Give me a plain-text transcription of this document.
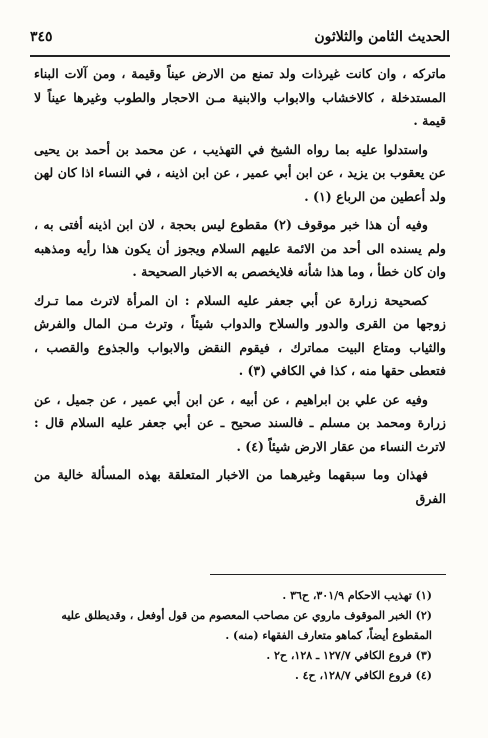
الحديث الثامن والثلاثون
٣٤٥

ماتركه ، وان كانت غيرذات ولد تمنع من الارض عيناً وقيمة ، ومن آلات البناء المستدخلة ، كالاخشاب والابواب والابنية مـن الاحجار والطوب وغيرها عيناً لا قيمة .

واستدلوا عليه بما رواه الشيخ في التهذيب ، عن محمد بن أحمد بن يحيى عن يعقوب بن يزيد ، عن ابن أبي عمير ، عن ابن اذينه ، في النساء اذا كان لهن ولد أعطين من الرباع (١) .

وفيه أن هذا خبر موقوف (٢) مقطوع ليس بحجة ، لان ابن اذينه أفتى به ، ولم يسنده الى أحد من الائمة عليهم السلام ويجوز أن يكون هذا رأيه ومذهبه وان كان خطأ ، وما هذا شأنه فلايخصص به الاخبار الصحيحة .

كصحيحة زرارة عن أبي جعفر عليه السلام : ان المرأة لاترث مما تـرك زوجها من القرى والدور والسلاح والدواب شيئاً ، وترث مـن المال والفرش والثياب ومتاع البيت مماترك ، فيقوم النقض والابواب والجذوع والقصب ، فتعطى حقها منه ، كذا في الكافي (٣) .

وفيه عن علي بن ابراهيم ، عن أبيه ، عن ابن أبي عمير ، عن جميل ، عن زرارة ومحمد بن مسلم ـ فالسند صحيح ـ عن أبي جعفر عليه السلام قال : لاترث النساء من عقار الارض شيئاً (٤) .

فهذان وما سبقهما وغيرهما من الاخبار المتعلقة بهذه المسألة خالية من الفرق

(١) تهذيب الاحكام ٣٠١/٩، ح٣٦ .
(٢) الخبر الموقوف ماروي عن مصاحب المعصوم من قول أوفعل ، وقديطلق عليه المقطوع أيضاً، كماهو متعارف الفقهاء (منه) .
(٣) فروع الكافي ١٢٧/٧ ـ ١٢٨، ح٢ .
(٤) فروع الكافي ١٢٨/٧، ح٤ .
